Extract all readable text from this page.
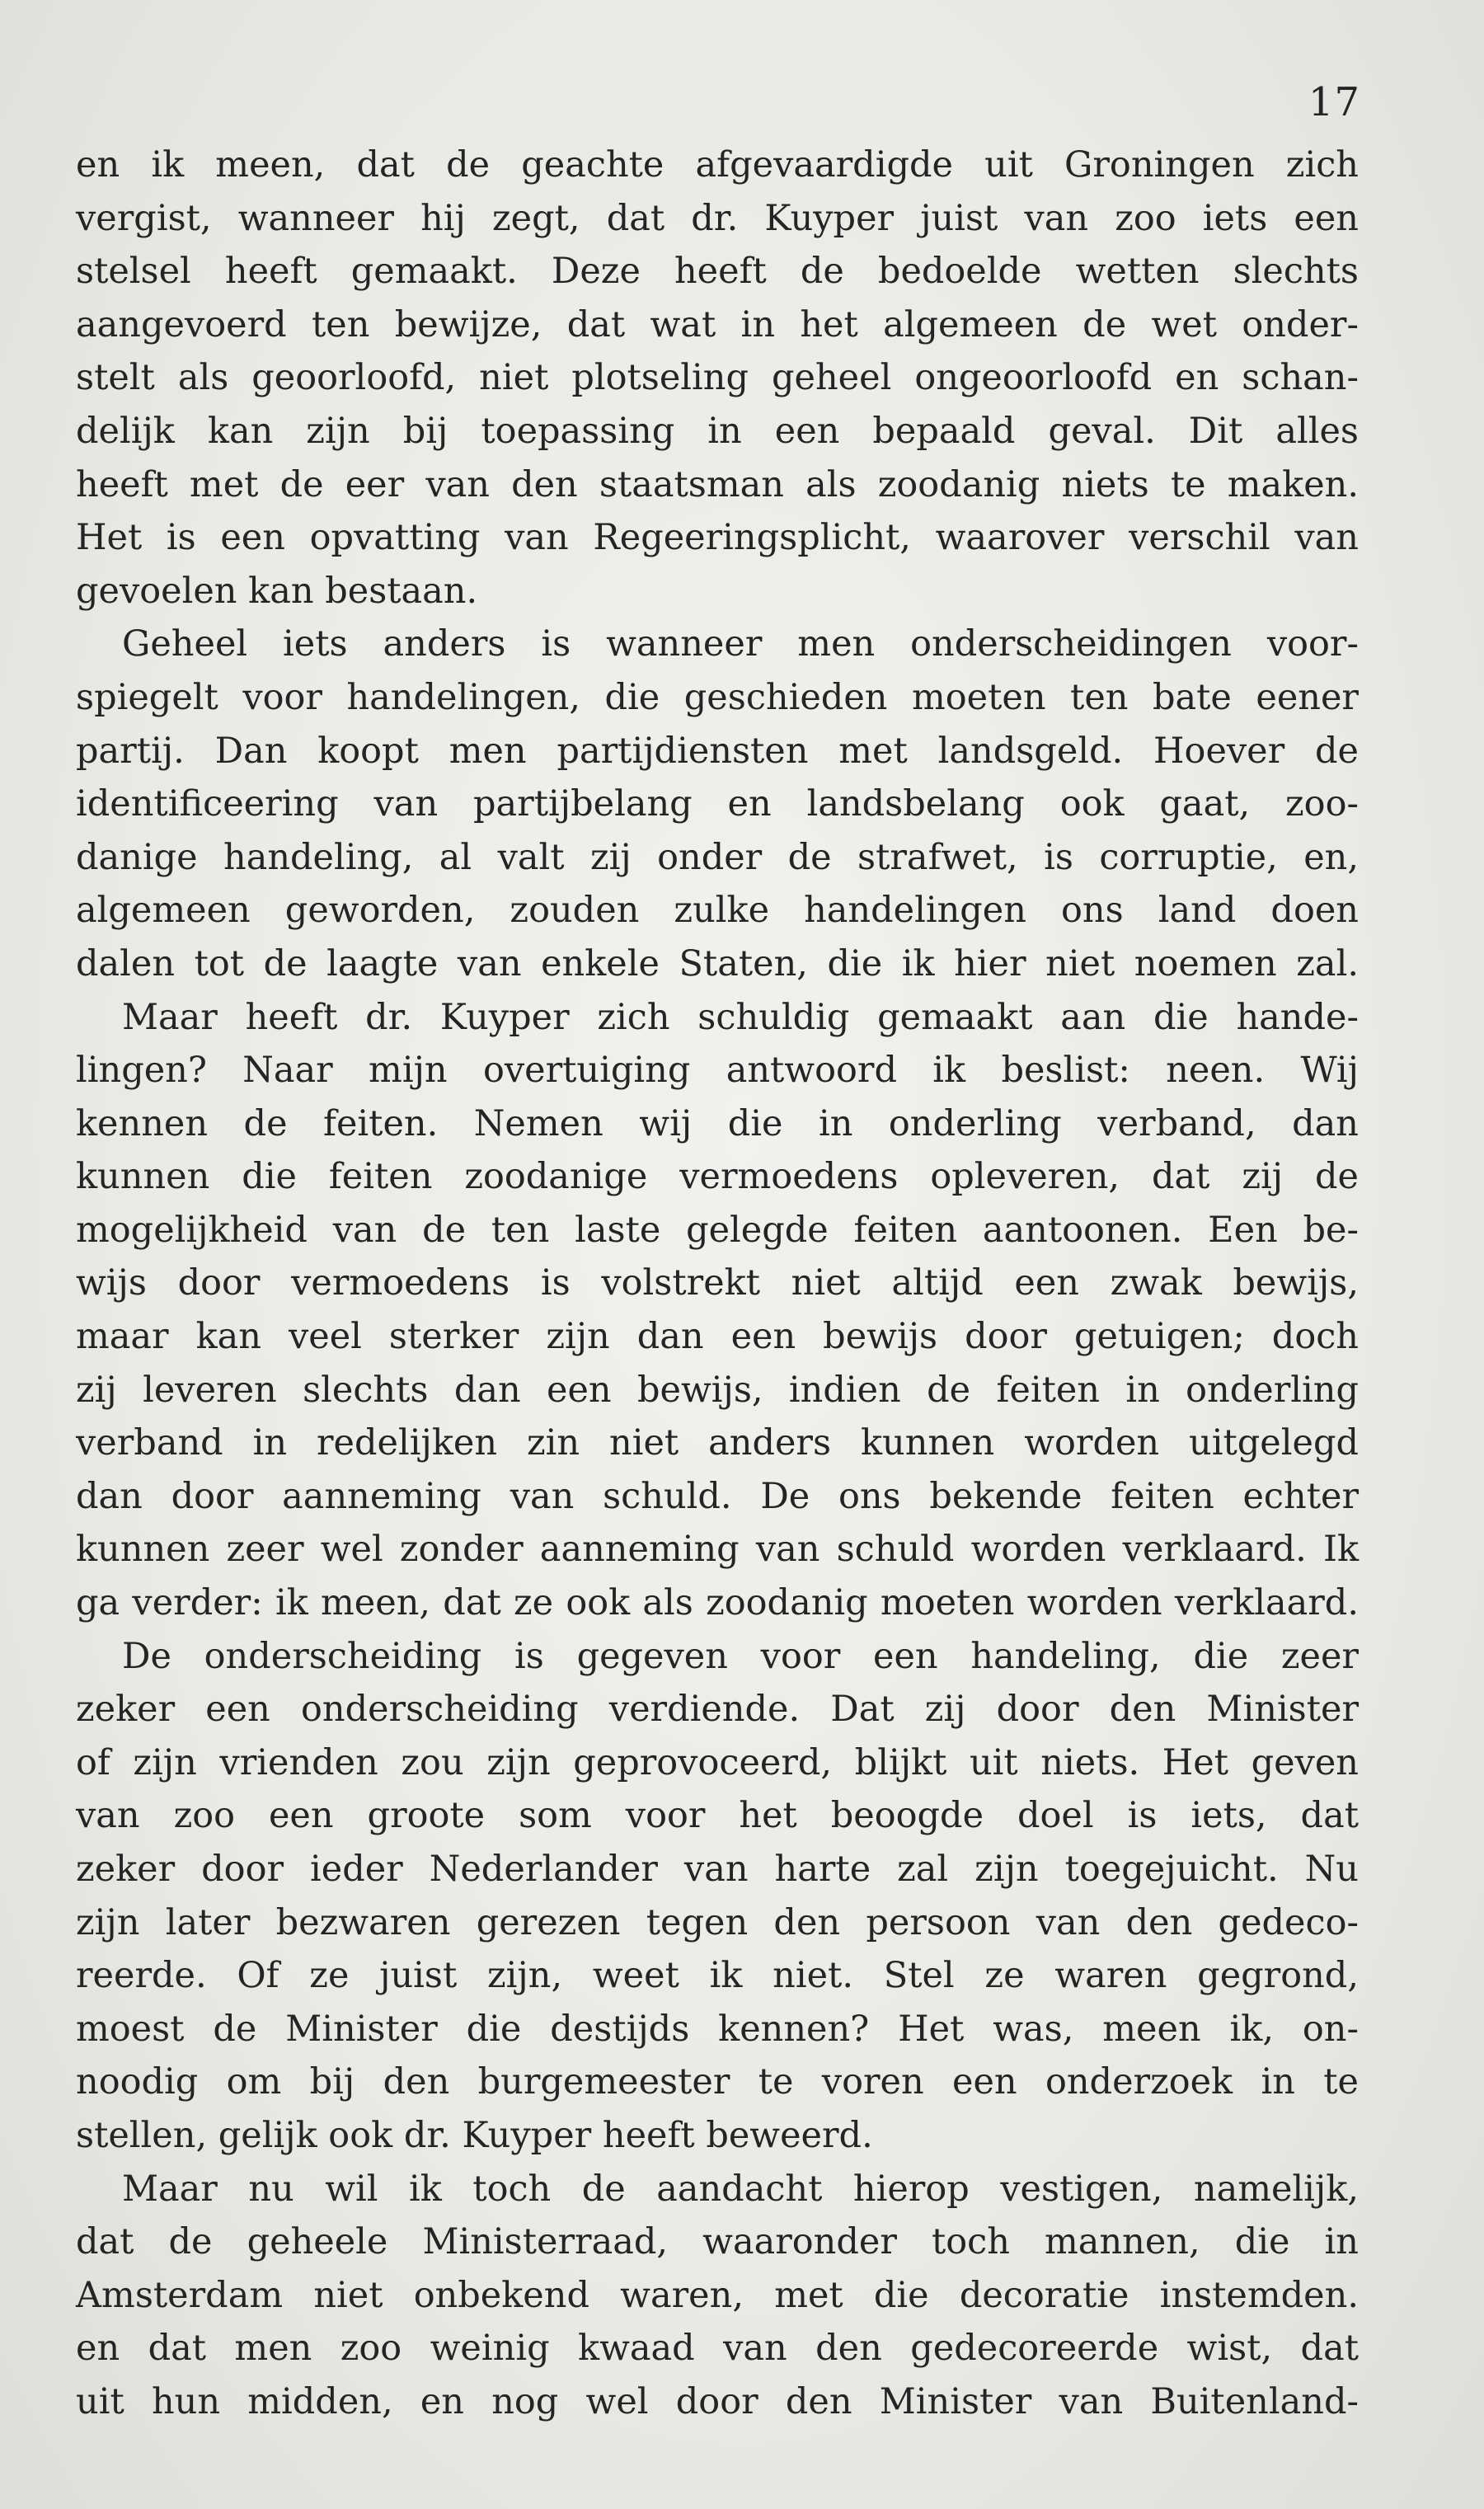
17
en ik meen, dat de geachte afgevaardigde uit Groningen zich
vergist, wanneer hij zegt, dat dr. Kuyper juist van zoo iets een
stelsel heeft gemaakt. Deze heeft de bedoelde wetten slechts
aangevoerd ten bewijze, dat wat in het algemeen de wet onder-
stelt als geoorloofd, niet plotseling geheel ongeoorloofd en schan-
delijk kan zijn bij toepassing in een bepaald geval. Dit alles
heeft met de eer van den staatsman als zoodanig niets te maken.
Het is een opvatting van Regeeringsplicht, waarover verschil van
gevoelen kan bestaan.
Geheel iets anders is wanneer men onderscheidingen voor-
spiegelt voor handelingen, die geschieden moeten ten bate eener
partij. Dan koopt men partijdiensten met landsgeld. Hoever de
identificeering van partijbelang en landsbelang ook gaat, zoo-
danige handeling, al valt zij onder de strafwet, is corruptie, en,
algemeen geworden, zouden zulke handelingen ons land doen
dalen tot de laagte van enkele Staten, die ik hier niet noemen zal.
Maar heeft dr. Kuyper zich schuldig gemaakt aan die hande-
lingen? Naar mijn overtuiging antwoord ik beslist: neen. Wij
kennen de feiten. Nemen wij die in onderling verband, dan
kunnen die feiten zoodanige vermoedens opleveren, dat zij de
mogelijkheid van de ten laste gelegde feiten aantoonen. Een be-
wijs door vermoedens is volstrekt niet altijd een zwak bewijs,
maar kan veel sterker zijn dan een bewijs door getuigen; doch
zij leveren slechts dan een bewijs, indien de feiten in onderling
verband in redelijken zin niet anders kunnen worden uitgelegd
dan door aanneming van schuld. De ons bekende feiten echter
kunnen zeer wel zonder aanneming van schuld worden verklaard. Ik
ga verder: ik meen, dat ze ook als zoodanig moeten worden verklaard.
De onderscheiding is gegeven voor een handeling, die zeer
zeker een onderscheiding verdiende. Dat zij door den Minister
of zijn vrienden zou zijn geprovoceerd, blijkt uit niets. Het geven
van zoo een groote som voor het beoogde doel is iets, dat
zeker door ieder Nederlander van harte zal zijn toegejuicht. Nu
zijn later bezwaren gerezen tegen den persoon van den gedeco-
reerde. Of ze juist zijn, weet ik niet. Stel ze waren gegrond,
moest de Minister die destijds kennen? Het was, meen ik, on-
noodig om bij den burgemeester te voren een onderzoek in te
stellen, gelijk ook dr. Kuyper heeft beweerd.
Maar nu wil ik toch de aandacht hierop vestigen, namelijk,
dat de geheele Ministerraad, waaronder toch mannen, die in
Amsterdam niet onbekend waren, met die decoratie instemden.
en dat men zoo weinig kwaad van den gedecoreerde wist, dat
uit hun midden, en nog wel door den Minister van Buitenland-
